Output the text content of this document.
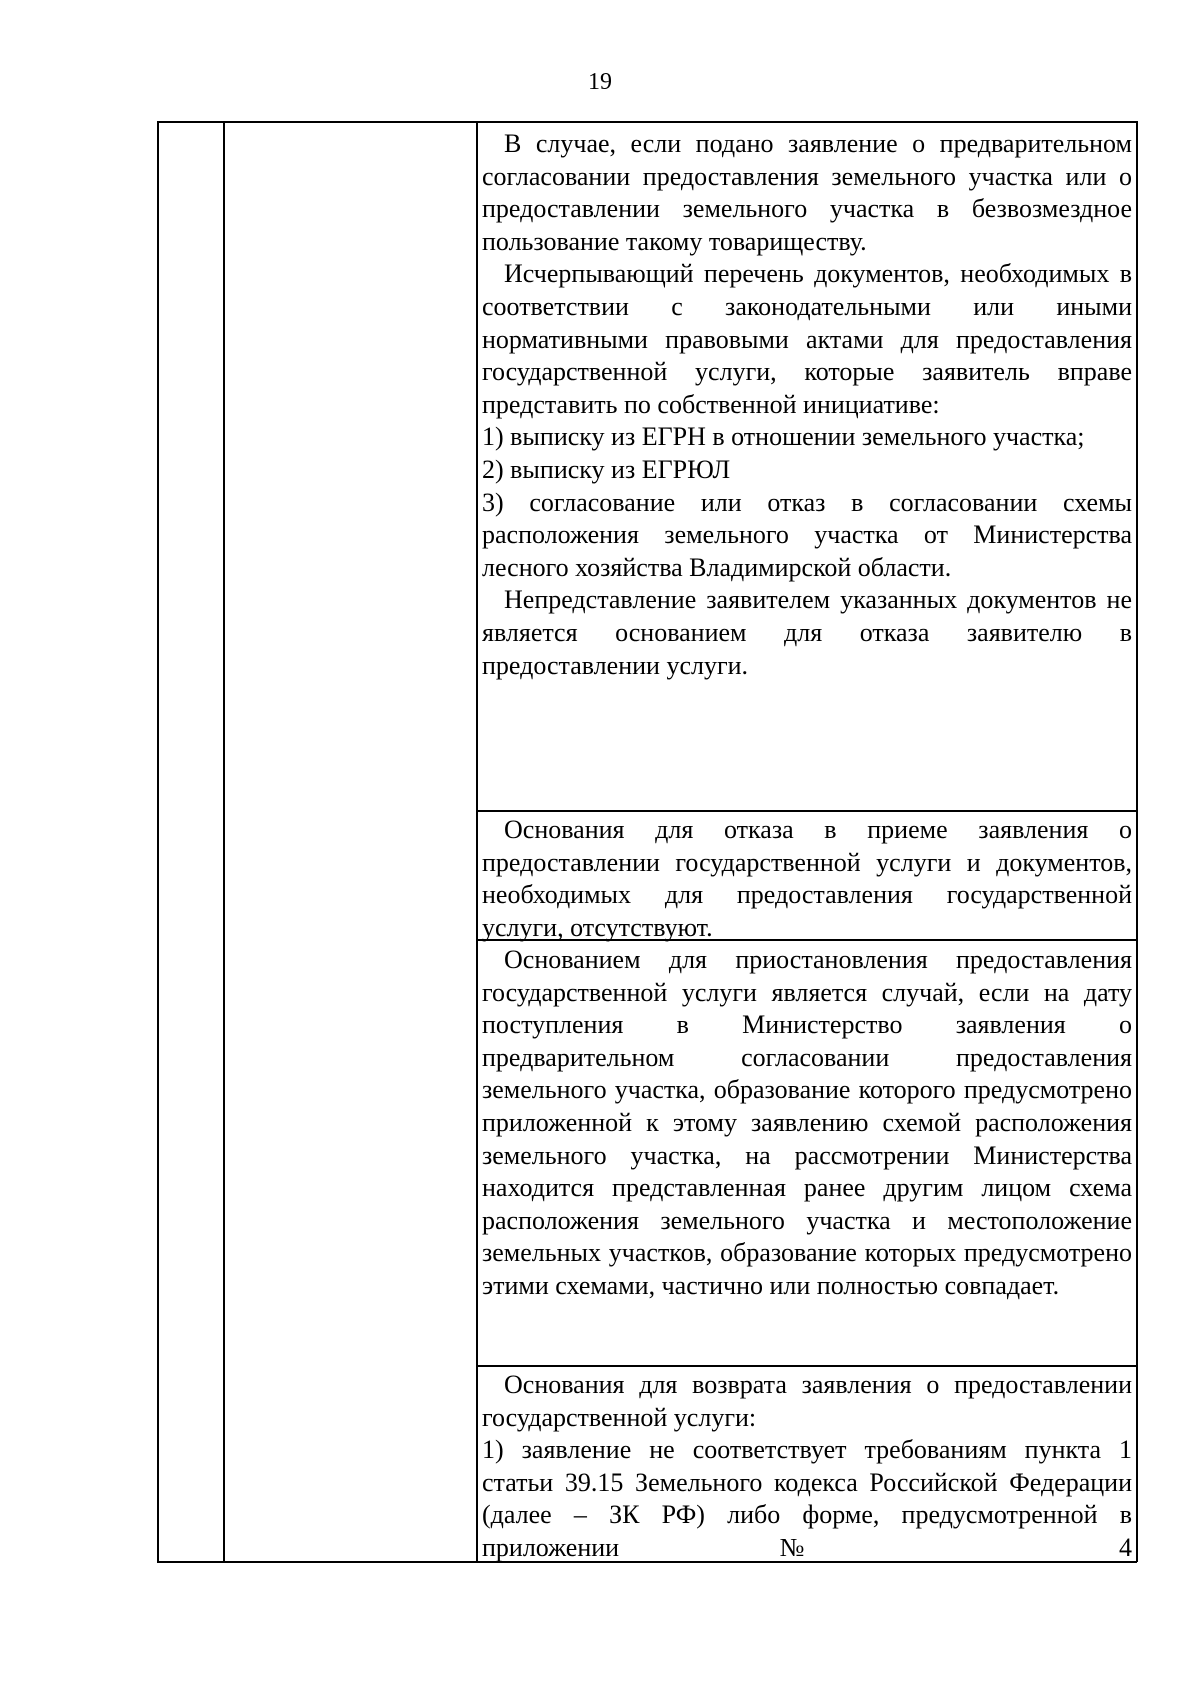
19

В случае, если подано заявление о предварительном согласовании предоставления земельного участка или о предоставлении земельного участка в безвозмездное пользование такому товариществу.

Исчерпывающий перечень документов, необходимых в соответствии с законодательными или иными нормативными правовыми актами для предоставления государственной услуги, которые заявитель вправе представить по собственной инициативе:

1) выписку из ЕГРН в отношении земельного участка;

2) выписку из ЕГРЮЛ

3) согласование или отказ в согласовании схемы расположения земельного участка от Министерства лесного хозяйства Владимирской области.

Непредставление заявителем указанных документов не является основанием для отказа заявителю в предоставлении услуги.

Основания для отказа в приеме заявления о предоставлении государственной услуги и документов, необходимых для предоставления государственной услуги, отсутствуют.

Основанием для приостановления предоставления государственной услуги является случай, если на дату поступления в Министерство заявления о предварительном согласовании предоставления земельного участка, образование которого предусмотрено приложенной к этому заявлению схемой расположения земельного участка, на рассмотрении Министерства находится представленная ранее другим лицом схема расположения земельного участка и местоположение земельных участков, образование которых предусмотрено этими схемами, частично или полностью совпадает.

Основания для возврата заявления о предоставлении государственной услуги:

1) заявление не соответствует требованиям пункта 1 статьи 39.15 Земельного кодекса Российской Федерации (далее – ЗК РФ) либо форме, предусмотренной в приложении № 4
